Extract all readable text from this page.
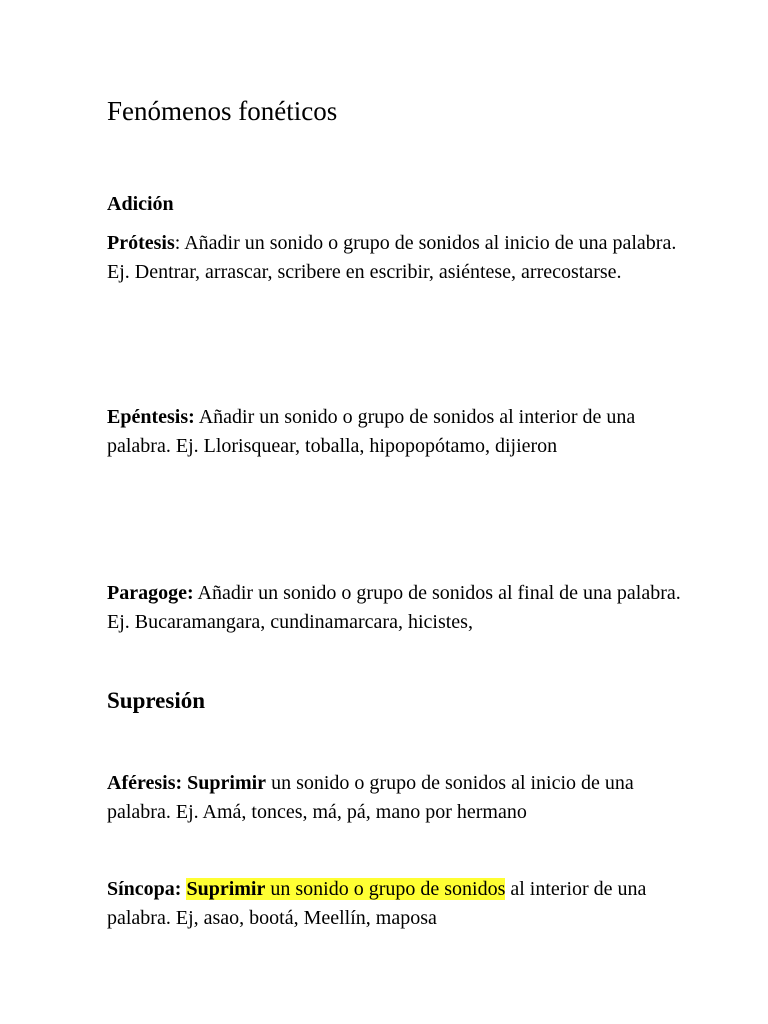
Fenómenos fonéticos
Adición

Prótesis: Añadir un sonido o grupo de sonidos al inicio de una palabra. Ej. Dentrar, arrascar, scribere en escribir, asiéntese, arrecostarse.

Epéntesis: Añadir un sonido o grupo de sonidos al interior de una palabra. Ej. Llorisquear, toballa, hipopopótamo, dijieron

Paragoge: Añadir un sonido o grupo de sonidos al final de una palabra. Ej. Bucaramangara, cundinamarcara, hicistes,

Supresión

Aféresis: Suprimir un sonido o grupo de sonidos al inicio de una palabra. Ej. Amá, tonces, má, pá, mano por hermano

Síncopa: Suprimir un sonido o grupo de sonidos al interior de una palabra. Ej, asao, bootá, Meellín, maposa
